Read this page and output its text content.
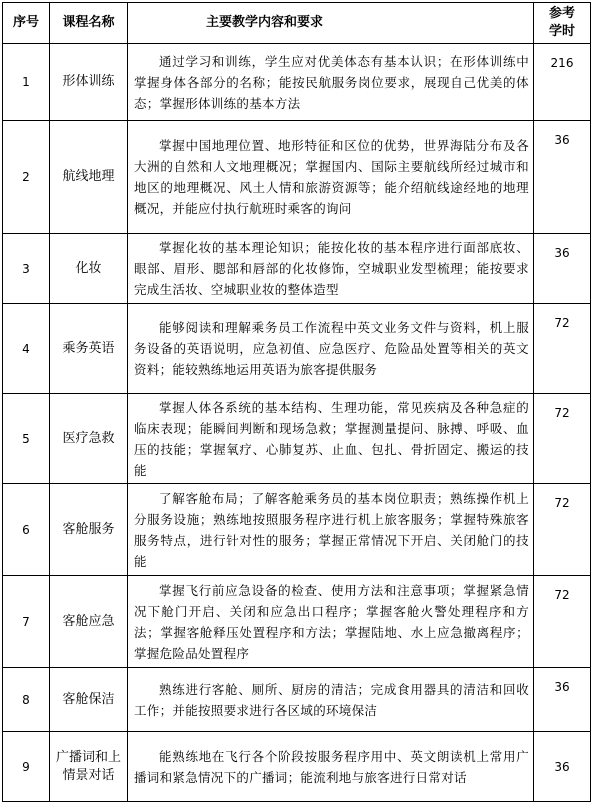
序号	课程名称	主要教学内容和要求	参考学时
1	形体训练	通过学习和训练，学生应对优美体态有基本认识；在形体训练中掌握身体各部分的名称；能按民航服务岗位要求，展现自己优美的体态；掌握形体训练的基本方法	216
2	航线地理	掌握中国地理位置、地形特征和区位的优势，世界海陆分布及各大洲的自然和人文地理概况；掌握国内、国际主要航线所经过城市和地区的地理概况、风土人情和旅游资源等；能介绍航线途经地的地理概况，并能应付执行航班时乘客的询问	36
3	化妆	掌握化妆的基本理论知识；能按化妆的基本程序进行面部底妆、眼部、眉形、腮部和唇部的化妆修饰，空城职业发型梳理；能按要求完成生活妆、空城职业妆的整体造型	36
4	乘务英语	能够阅读和理解乘务员工作流程中英文业务文件与资料，机上服务设备的英语说明，应急初值、应急医疗、危险品处置等相关的英文资料；能较熟练地运用英语为旅客提供服务	72
5	医疗急救	掌握人体各系统的基本结构、生理功能，常见疾病及各种急症的临床表现；能瞬间判断和现场急救；掌握测量提问、脉搏、呼吸、血压的技能；掌握氧疗、心肺复苏、止血、包扎、骨折固定、搬运的技能	72
6	客舱服务	了解客舱布局；了解客舱乘务员的基本岗位职责；熟练操作机上分服务设施；熟练地按照服务程序进行机上旅客服务；掌握特殊旅客服务特点，进行针对性的服务；掌握正常情况下开启、关闭舱门的技能	72
7	客舱应急	掌握飞行前应急设备的检查、使用方法和注意事项；掌握紧急情况下舱门开启、关闭和应急出口程序；掌握客舱火警处理程序和方法；掌握客舱释压处置程序和方法；掌握陆地、水上应急撤离程序；掌握危险品处置程序	72
8	客舱保洁	熟练进行客舱、厕所、厨房的清洁；完成食用器具的清洁和回收工作；并能按照要求进行各区域的环境保洁	36
9	广播词和上情景对话	能熟练地在飞行各个阶段按服务程序用中、英文朗读机上常用广播词和紧急情况下的广播词；能流利地与旅客进行日常对话	36
